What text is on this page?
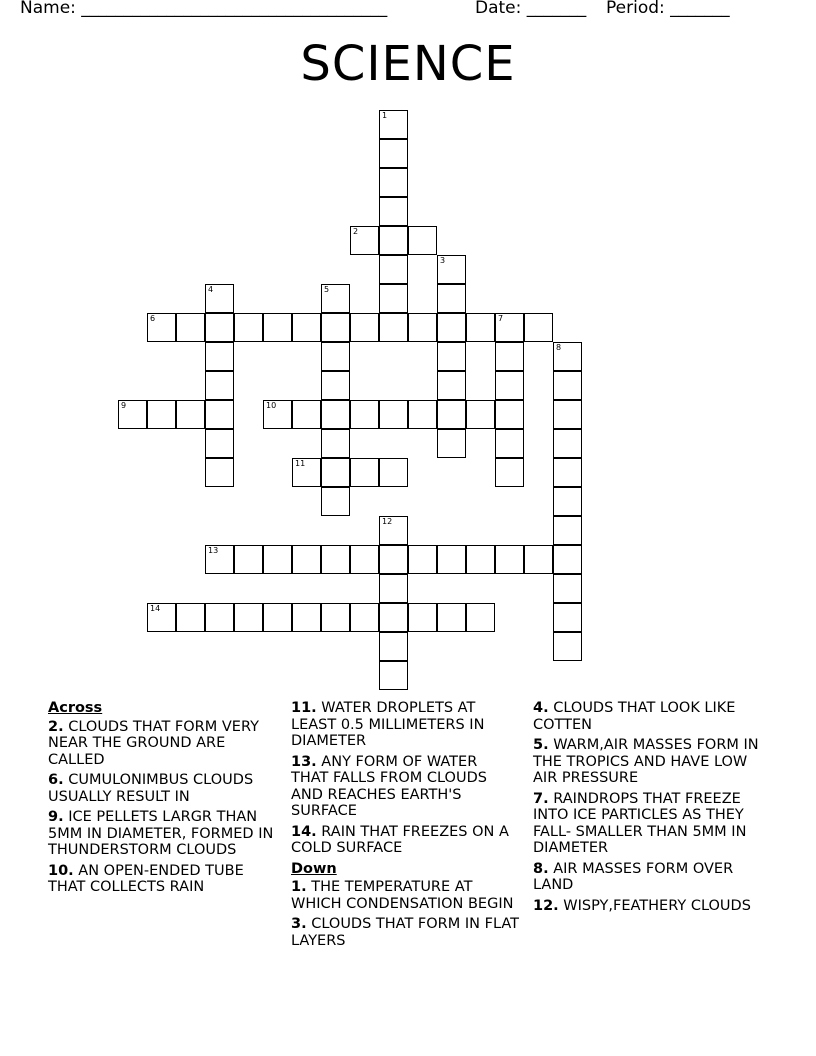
Name: ____________________________________	Date: _______ Period: _______
SCIENCE
1
2
3
4	5
6	7
8
9	10
11
12
13
14
Across
2. CLOUDS THAT FORM VERY NEAR THE GROUND ARE CALLED
6. CUMULONIMBUS CLOUDS USUALLY RESULT IN
9. ICE PELLETS LARGR THAN 5MM IN DIAMETER, FORMED IN THUNDERSTORM CLOUDS
10. AN OPEN-ENDED TUBE THAT COLLECTS RAIN
11. WATER DROPLETS AT LEAST 0.5 MILLIMETERS IN DIAMETER
13. ANY FORM OF WATER THAT FALLS FROM CLOUDS AND REACHES EARTH'S SURFACE
14. RAIN THAT FREEZES ON A COLD SURFACE
Down
1. THE TEMPERATURE AT WHICH CONDENSATION BEGIN
3. CLOUDS THAT FORM IN FLAT LAYERS
4. CLOUDS THAT LOOK LIKE COTTEN
5. WARM,AIR MASSES FORM IN THE TROPICS AND HAVE LOW AIR PRESSURE
7. RAINDROPS THAT FREEZE INTO ICE PARTICLES AS THEY FALL- SMALLER THAN 5MM IN DIAMETER
8. AIR MASSES FORM OVER LAND
12. WISPY,FEATHERY CLOUDS
